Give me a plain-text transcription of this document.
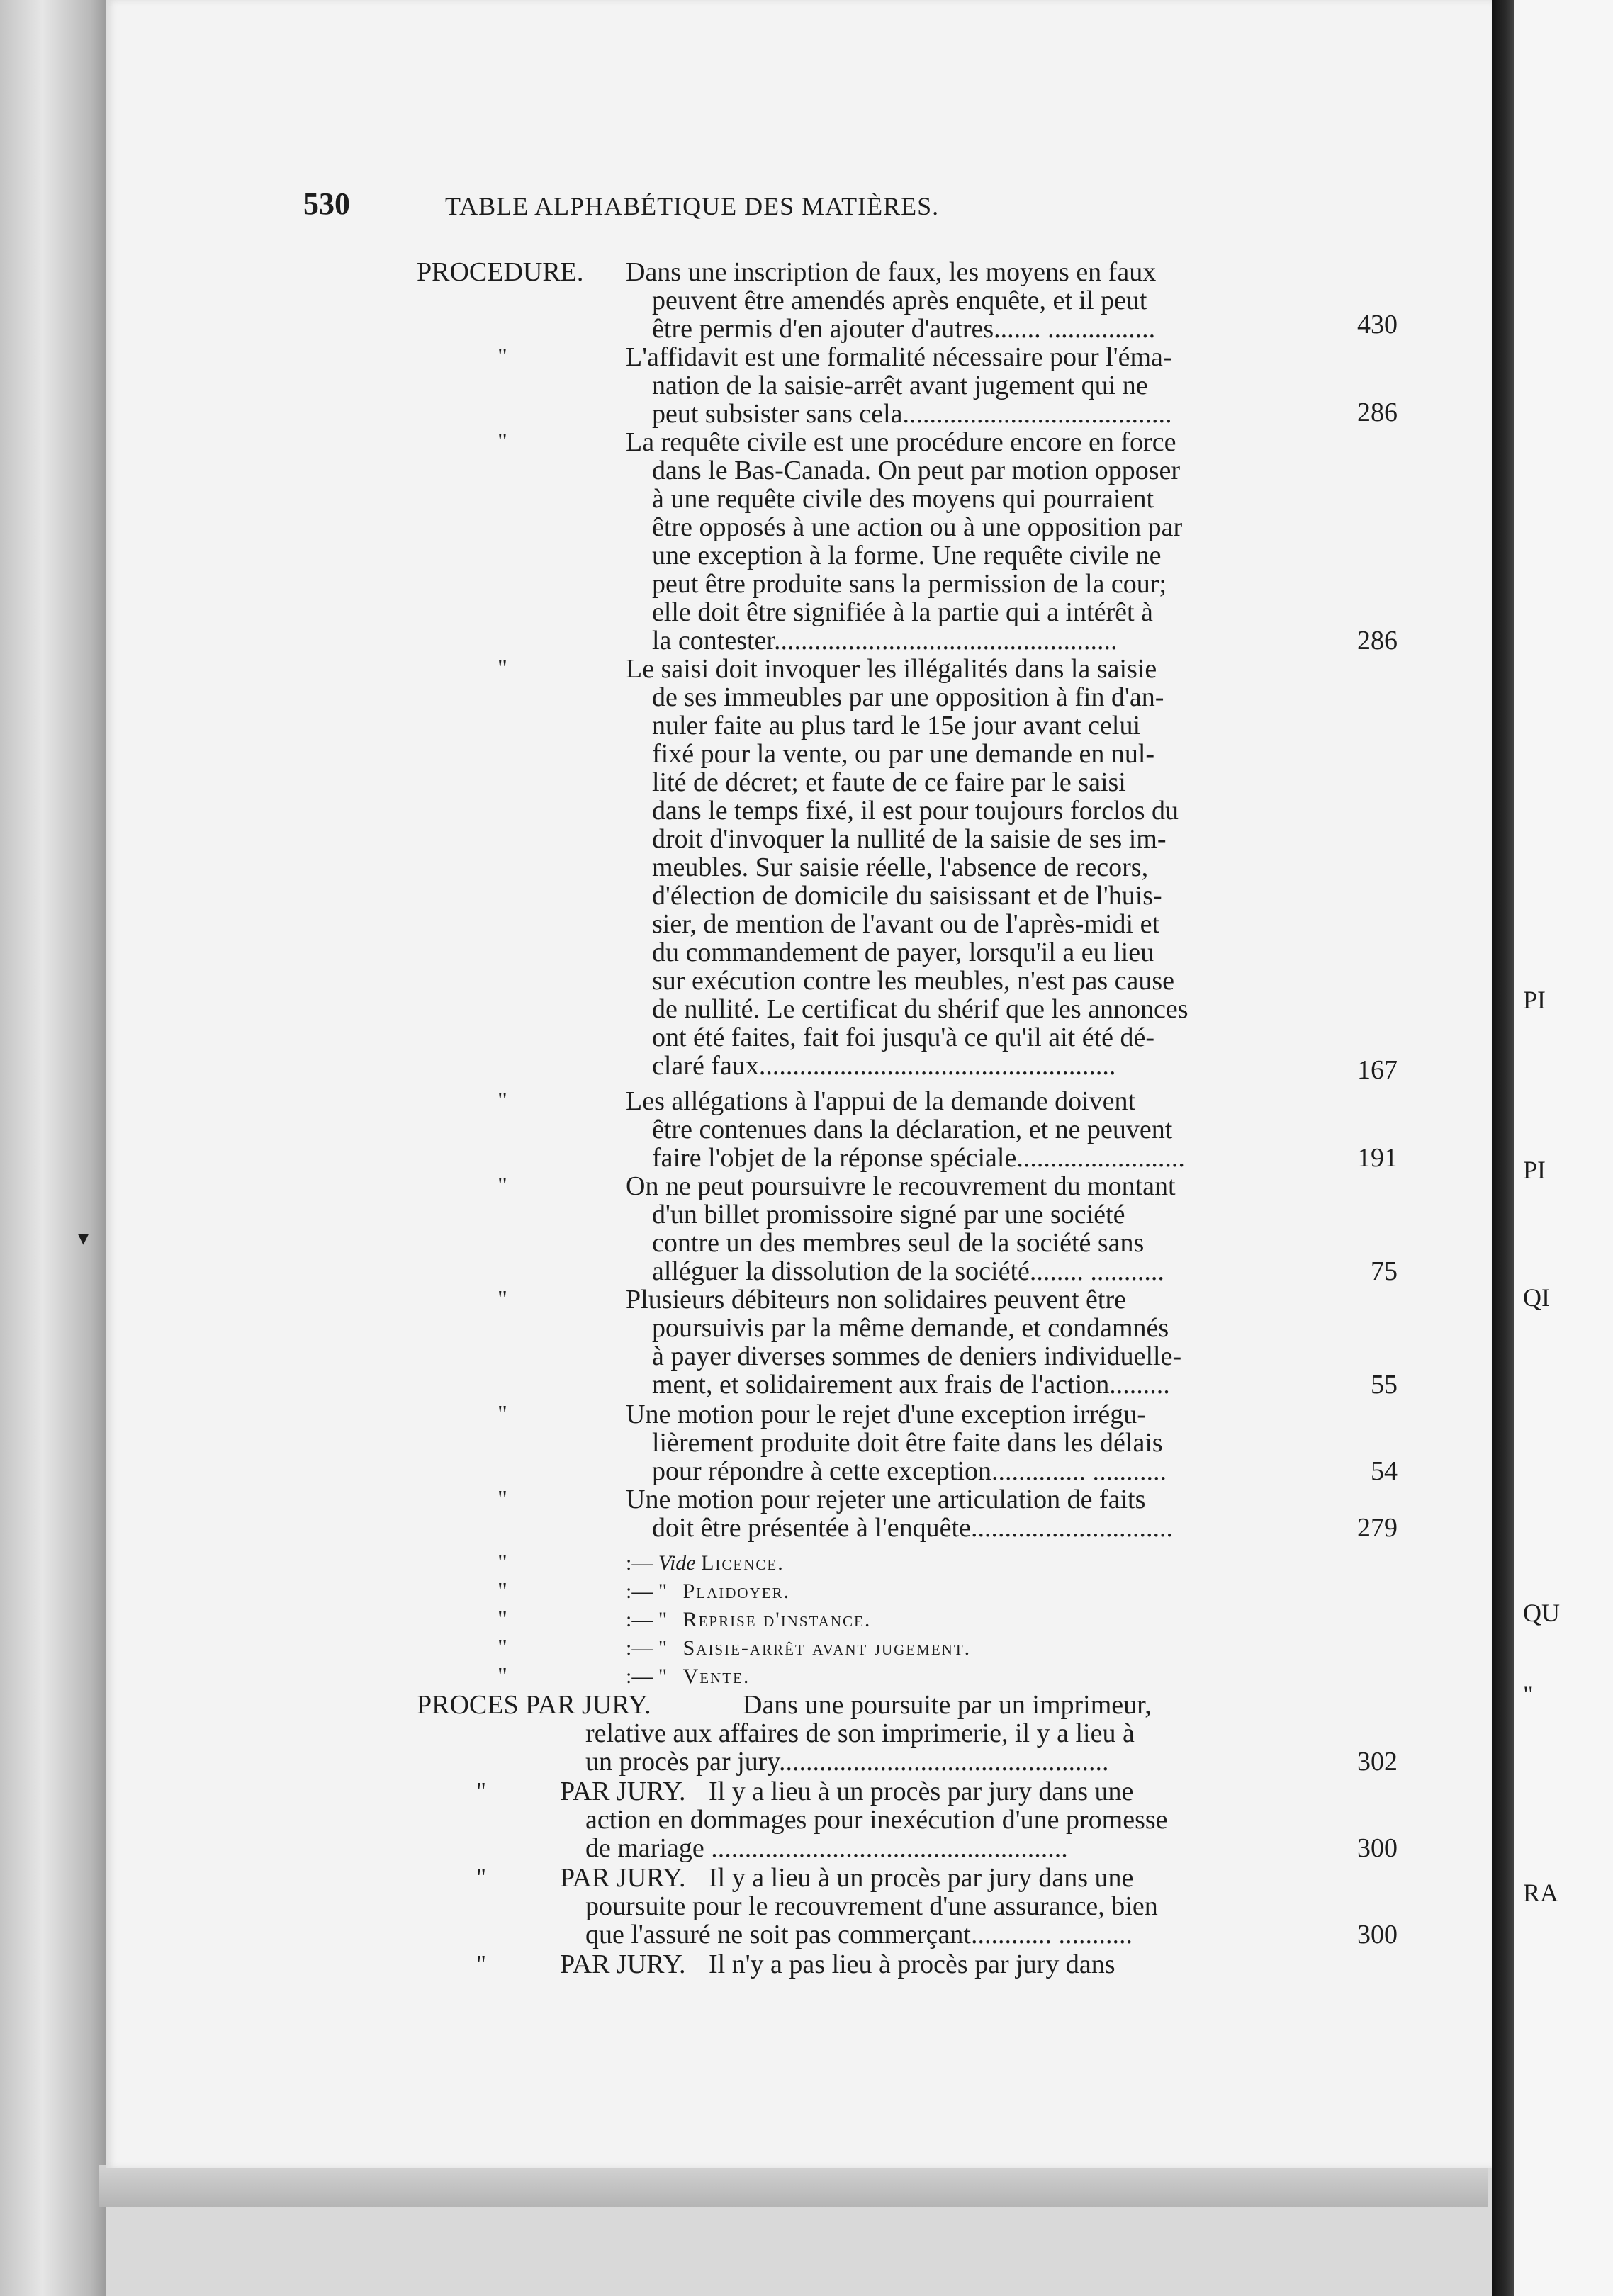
▾
PI
PI
QI
QU
"
RA
530	TABLE ALPHABÉTIQUE DES MATIÈRES.
PROCEDURE. Dans une inscription de faux, les moyens en faux
peuvent être amendés après enquête, et il peut
être permis d'en ajouter d'autres....... ................	430
"	L'affidavit est une formalité nécessaire pour l'éma-
nation de la saisie-arrêt avant jugement qui ne
peut subsister sans cela........................................	286
"	La requête civile est une procédure encore en force
dans le Bas-Canada. On peut par motion opposer
à une requête civile des moyens qui pourraient
être opposés à une action ou à une opposition par
une exception à la forme. Une requête civile ne
peut être produite sans la permission de la cour;
elle doit être signifiée à la partie qui a intérêt à
la contester...................................................	286
"	Le saisi doit invoquer les illégalités dans la saisie
de ses immeubles par une opposition à fin d'an-
nuler faite au plus tard le 15e jour avant celui
fixé pour la vente, ou par une demande en nul-
lité de décret; et faute de ce faire par le saisi
dans le temps fixé, il est pour toujours forclos du
droit d'invoquer la nullité de la saisie de ses im-
meubles. Sur saisie réelle, l'absence de recors,
d'élection de domicile du saisissant et de l'huis-
sier, de mention de l'avant ou de l'après-midi et
du commandement de payer, lorsqu'il a eu lieu
sur exécution contre les meubles, n'est pas cause
de nullité. Le certificat du shérif que les annonces
ont été faites, fait foi jusqu'à ce qu'il ait été dé-
claré faux.....................................................	167
"	Les allégations à l'appui de la demande doivent
être contenues dans la déclaration, et ne peuvent
faire l'objet de la réponse spéciale.........................	191
"	On ne peut poursuivre le recouvrement du montant
d'un billet promissoire signé par une société
contre un des membres seul de la société sans
alléguer la dissolution de la société........ ...........	75
"	Plusieurs débiteurs non solidaires peuvent être
poursuivis par la même demande, et condamnés
à payer diverses sommes de deniers individuelle-
ment, et solidairement aux frais de l'action.........	55
"	Une motion pour le rejet d'une exception irrégu-
lièrement produite doit être faite dans les délais
pour répondre à cette exception.............. ...........	54
"	Une motion pour rejeter une articulation de faits
doit être présentée à l'enquête..............................	279
"	:— Vide Licence.
"	:— " Plaidoyer.
"	:— " Reprise d'instance.
"	:— " Saisie-arrêt avant jugement.
"	:— " Vente.
PROCES PAR JURY.	Dans une poursuite par un imprimeur,
relative aux affaires de son imprimerie, il y a lieu à
un procès par jury.................................................	302
"	PAR JURY. Il y a lieu à un procès par jury dans une
action en dommages pour inexécution d'une promesse
de mariage .....................................................	300
"	PAR JURY. Il y a lieu à un procès par jury dans une
poursuite pour le recouvrement d'une assurance, bien
que l'assuré ne soit pas commerçant............ ...........	300
"	PAR JURY. Il n'y a pas lieu à procès par jury dans
